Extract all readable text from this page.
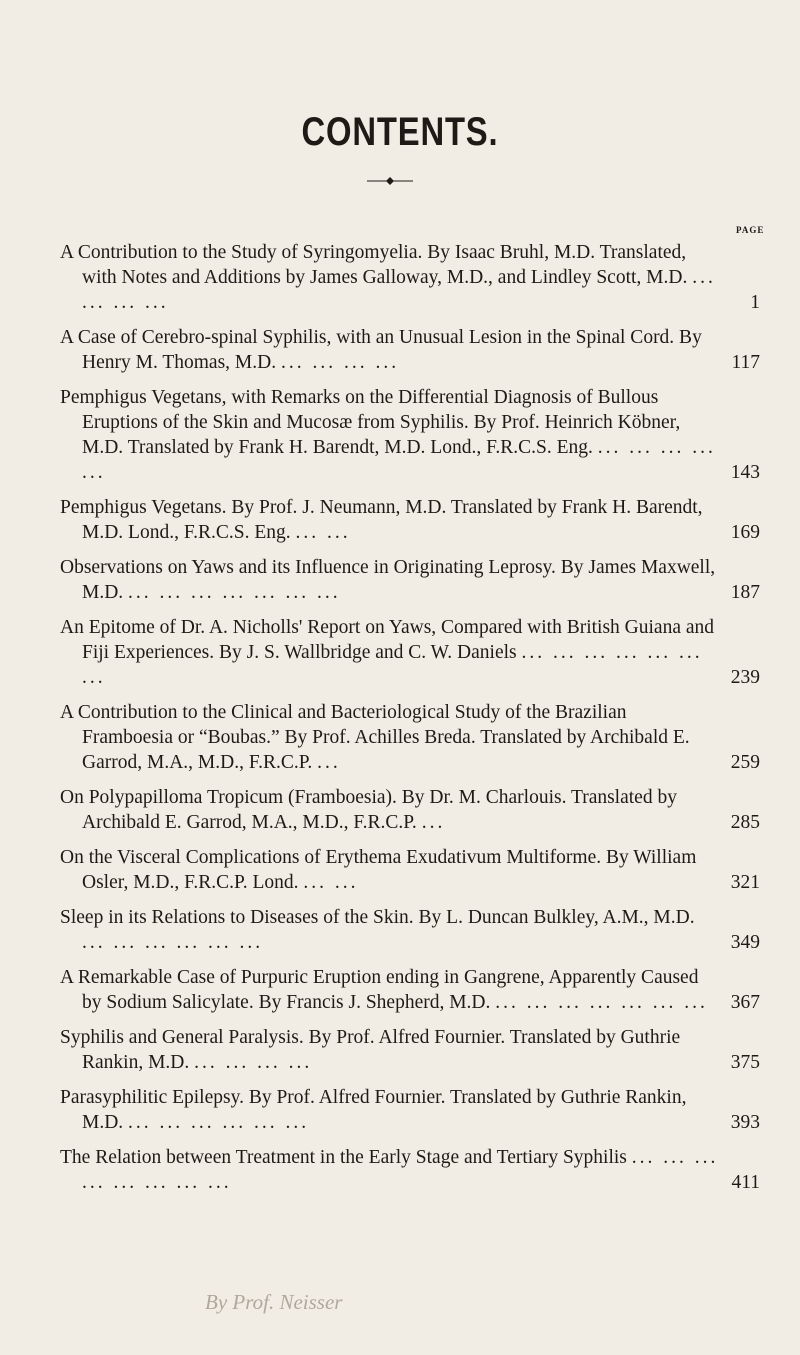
CONTENTS.
PAGE
A Contribution to the Study of Syringomyelia. By Isaac Bruhl, M.D. Translated, with Notes and Additions by James Galloway, M.D., and Lindley Scott, M.D. ... ... ... ...	1
A Case of Cerebro-spinal Syphilis, with an Unusual Lesion in the Spinal Cord. By Henry M. Thomas, M.D. ... ... ... ...	117
Pemphigus Vegetans, with Remarks on the Differential Diagnosis of Bullous Eruptions of the Skin and Mucosæ from Syphilis. By Prof. Heinrich Köbner, M.D. Translated by Frank H. Barendt, M.D. Lond., F.R.C.S. Eng. ... ... ... ... ...	143
Pemphigus Vegetans. By Prof. J. Neumann, M.D. Translated by Frank H. Barendt, M.D. Lond., F.R.C.S. Eng. ... ...	169
Observations on Yaws and its Influence in Originating Leprosy. By James Maxwell, M.D. ... ... ... ... ... ... ...	187
An Epitome of Dr. A. Nicholls' Report on Yaws, Compared with British Guiana and Fiji Experiences. By J. S. Wallbridge and C. W. Daniels ... ... ... ... ... ... ...	239
A Contribution to the Clinical and Bacteriological Study of the Brazilian Framboesia or “Boubas.” By Prof. Achilles Breda. Translated by Archibald E. Garrod, M.A., M.D., F.R.C.P. ...	259
On Polypapilloma Tropicum (Framboesia). By Dr. M. Charlouis. Translated by Archibald E. Garrod, M.A., M.D., F.R.C.P. ...	285
On the Visceral Complications of Erythema Exudativum Multiforme. By William Osler, M.D., F.R.C.P. Lond. ... ...	321
Sleep in its Relations to Diseases of the Skin. By L. Duncan Bulkley, A.M., M.D. ... ... ... ... ... ...	349
A Remarkable Case of Purpuric Eruption ending in Gangrene, Apparently Caused by Sodium Salicylate. By Francis J. Shepherd, M.D. ... ... ... ... ... ... ...	367
Syphilis and General Paralysis. By Prof. Alfred Fournier. Translated by Guthrie Rankin, M.D. ... ... ... ...	375
Parasyphilitic Epilepsy. By Prof. Alfred Fournier. Translated by Guthrie Rankin, M.D. ... ... ... ... ... ...	393
The Relation between Treatment in the Early Stage and Tertiary Syphilis ... ... ... ... ... ... ... ...	411
By Prof. Neisser
